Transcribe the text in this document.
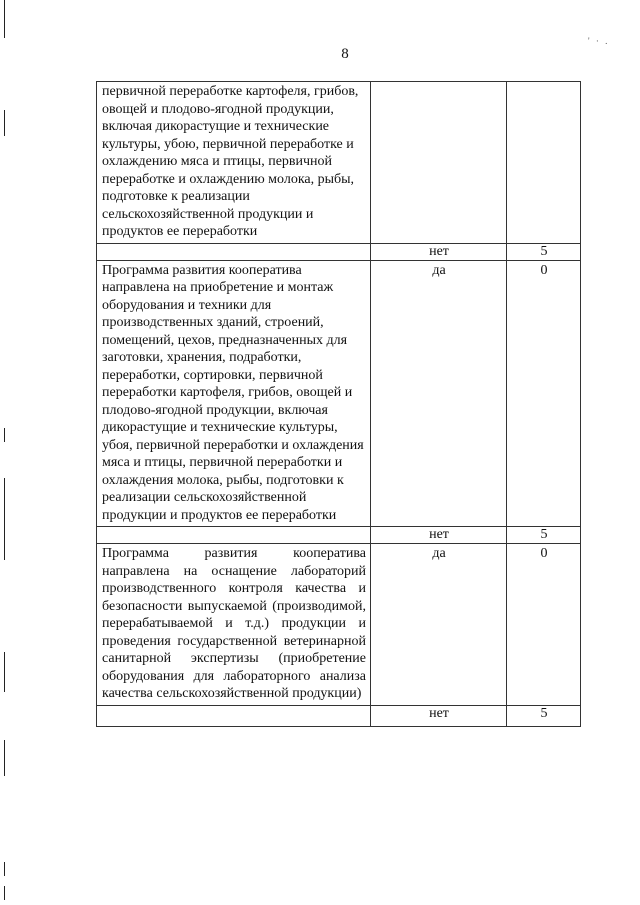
8
' · .
первичной переработке картофеля, грибов, овощей и плодово-ягодной продукции, включая дикорастущие и технические культуры, убою, первичной переработке и охлаждению мяса и птицы, первичной переработке и охлаждению молока, рыбы, подготовке к реализации сельскохозяйственной продукции и продуктов ее переработки		
	нет	5
Программа развития кооператива направлена на приобретение и монтаж оборудования и техники для производственных зданий, строений, помещений, цехов, предназначенных для заготовки, хранения, подработки, переработки, сортировки, первичной переработки картофеля, грибов, овощей и плодово-ягодной продукции, включая дикорастущие и технические культуры, убоя, первичной переработки и охлаждения мяса и птицы, первичной переработки и охлаждения молока, рыбы, подготовки к реализации сельскохозяйственной продукции и продуктов ее переработки	да	0
	нет	5
Программа развития кооператива направлена на оснащение лабораторий производственного контроля качества и безопасности выпускаемой (производимой, перерабатываемой и т.д.) продукции и проведения государственной ветеринарной санитарной экспертизы (приобретение оборудования для лабораторного анализа качества сельскохозяйственной продукции)	да	0
	нет	5
